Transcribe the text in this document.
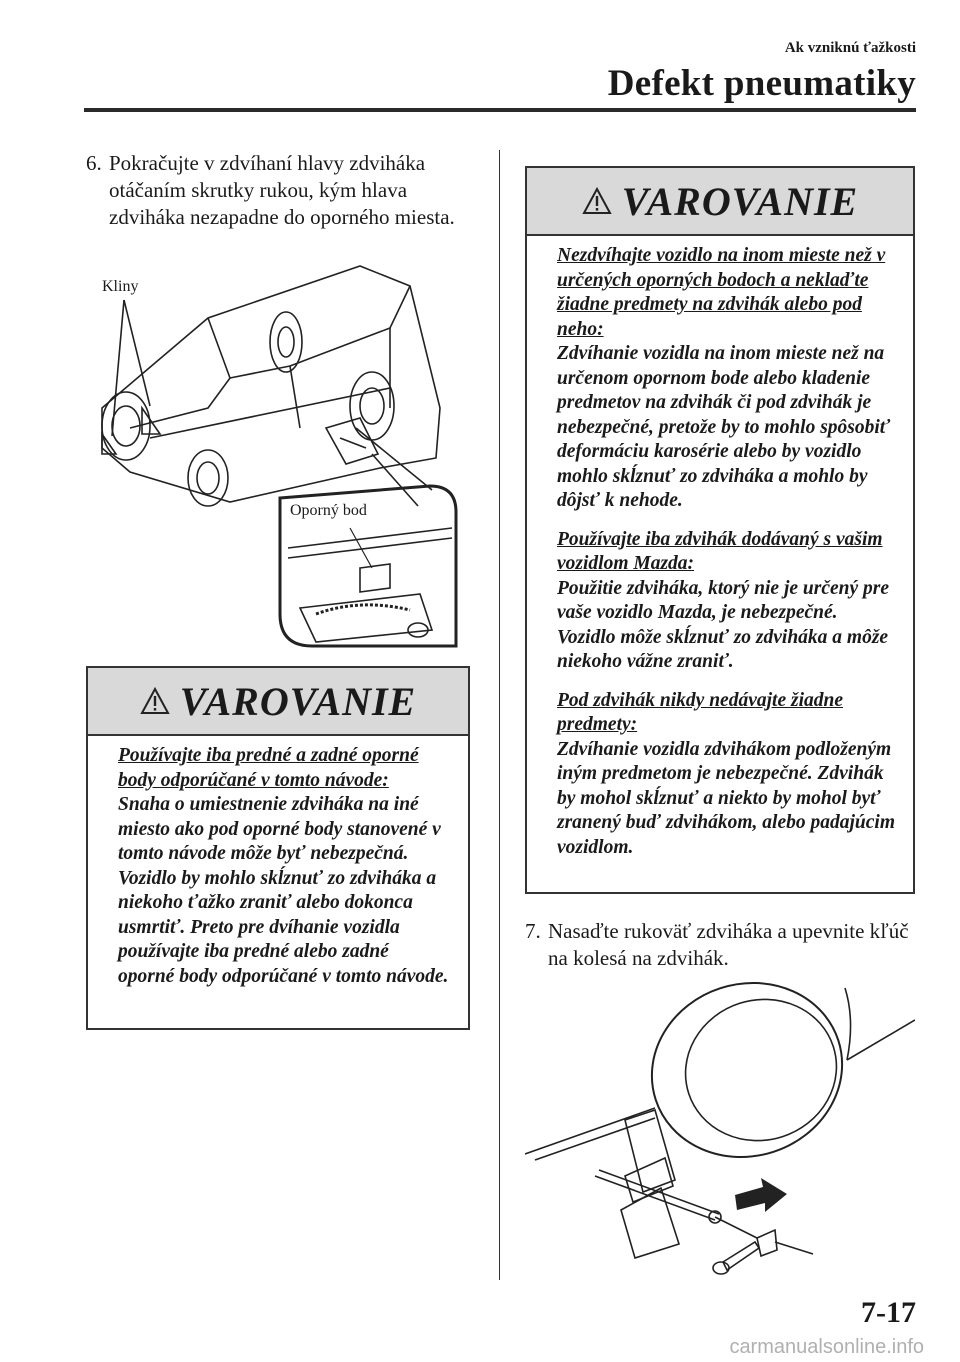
Ak vzniknú ťažkosti
Defekt pneumatiky
6. Pokračujte v zdvíhaní hlavy zdviháka otáčaním skrutky rukou, kým hlava zdviháka nezapadne do oporného miesta.
Kliny
Oporný bod
VAROVANIE

Používajte iba predné a zadné oporné body odporúčané v tomto návode:
Snaha o umiestnenie zdviháka na iné miesto ako pod oporné body stanovené v tomto návode môže byť nebezpečná. Vozidlo by mohlo skĺznuť zo zdviháka a niekoho ťažko zraniť alebo dokonca usmrtiť. Preto pre dvíhanie vozidla používajte iba predné alebo zadné oporné body odporúčané v tomto návode.

VAROVANIE

Nezdvíhajte vozidlo na inom mieste než v určených oporných bodoch a neklaďte žiadne predmety na zdvihák alebo pod neho:
Zdvíhanie vozidla na inom mieste než na určenom opornom bode alebo kladenie predmetov na zdvihák či pod zdvihák je nebezpečné, pretože by to mohlo spôsobiť deformáciu karosérie alebo by vozidlo mohlo skĺznuť zo zdviháka a mohlo by dôjsť k nehode.

Používajte iba zdvihák dodávaný s vašim vozidlom Mazda:
Použitie zdviháka, ktorý nie je určený pre vaše vozidlo Mazda, je nebezpečné. Vozidlo môže skĺznuť zo zdviháka a môže niekoho vážne zraniť.

Pod zdvihák nikdy nedávajte žiadne predmety:
Zdvíhanie vozidla zdvihákom podloženým iným predmetom je nebezpečné. Zdvihák by mohol skĺznuť a niekto by mohol byť zranený buď zdvihákom, alebo padajúcim vozidlom.

7. Nasaďte rukoväť zdviháka a upevnite kľúč na kolesá na zdvihák.
7-17
carmanualsonline.info
